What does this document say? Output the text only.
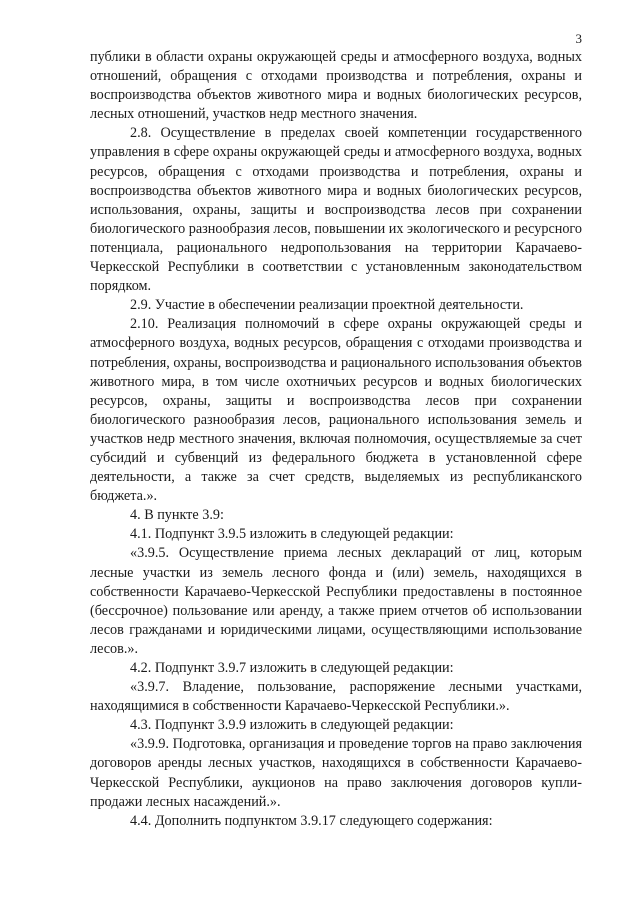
3

публики в области охраны окружающей среды и атмосферного воздуха, водных отношений, обращения с отходами производства и потребления, охраны и воспроизводства объектов животного мира и водных биологических ресурсов, лесных отношений, участков недр местного значения.

2.8. Осуществление в пределах своей компетенции государственного управления в сфере охраны окружающей среды и атмосферного воздуха, водных ресурсов, обращения с отходами производства и потребления, охраны и воспроизводства объектов животного мира и водных биологических ресурсов, использования, охраны, защиты и воспроизводства лесов при сохранении биологического разнообразия лесов, повышении их экологического и ресурсного потенциала, рационального недропользования на территории Карачаево-Черкесской Республики в соответствии с установленным законодательством порядком.

2.9. Участие в обеспечении реализации проектной деятельности.

2.10. Реализация полномочий в сфере охраны окружающей среды и атмосферного воздуха, водных ресурсов, обращения с отходами производства и потребления, охраны, воспроизводства и рационального использования объектов животного мира, в том числе охотничьих ресурсов и водных биологических ресурсов, охраны, защиты и воспроизводства лесов при сохранении биологического разнообразия лесов, рационального использования земель и участков недр местного значения, включая полномочия, осуществляемые за счет субсидий и субвенций из федерального бюджета в установленной сфере деятельности, а также за счет средств, выделяемых из республиканского бюджета.».

4. В пункте 3.9:

4.1. Подпункт 3.9.5 изложить в следующей редакции:

«3.9.5. Осуществление приема лесных деклараций от лиц, которым лесные участки из земель лесного фонда и (или) земель, находящихся в собственности Карачаево-Черкесской Республики предоставлены в постоянное (бессрочное) пользование или аренду, а также прием отчетов об использовании лесов гражданами и юридическими лицами, осуществляющими использование лесов.».

4.2. Подпункт 3.9.7 изложить в следующей редакции:

«3.9.7. Владение, пользование, распоряжение лесными участками, находящимися в собственности Карачаево-Черкесской Республики.».

4.3. Подпункт 3.9.9 изложить в следующей редакции:

«3.9.9. Подготовка, организация и проведение торгов на право заключения договоров аренды лесных участков, находящихся в собственности Карачаево-Черкесской Республики, аукционов на право заключения договоров купли-продажи лесных насаждений.».

4.4. Дополнить подпунктом 3.9.17 следующего содержания:
